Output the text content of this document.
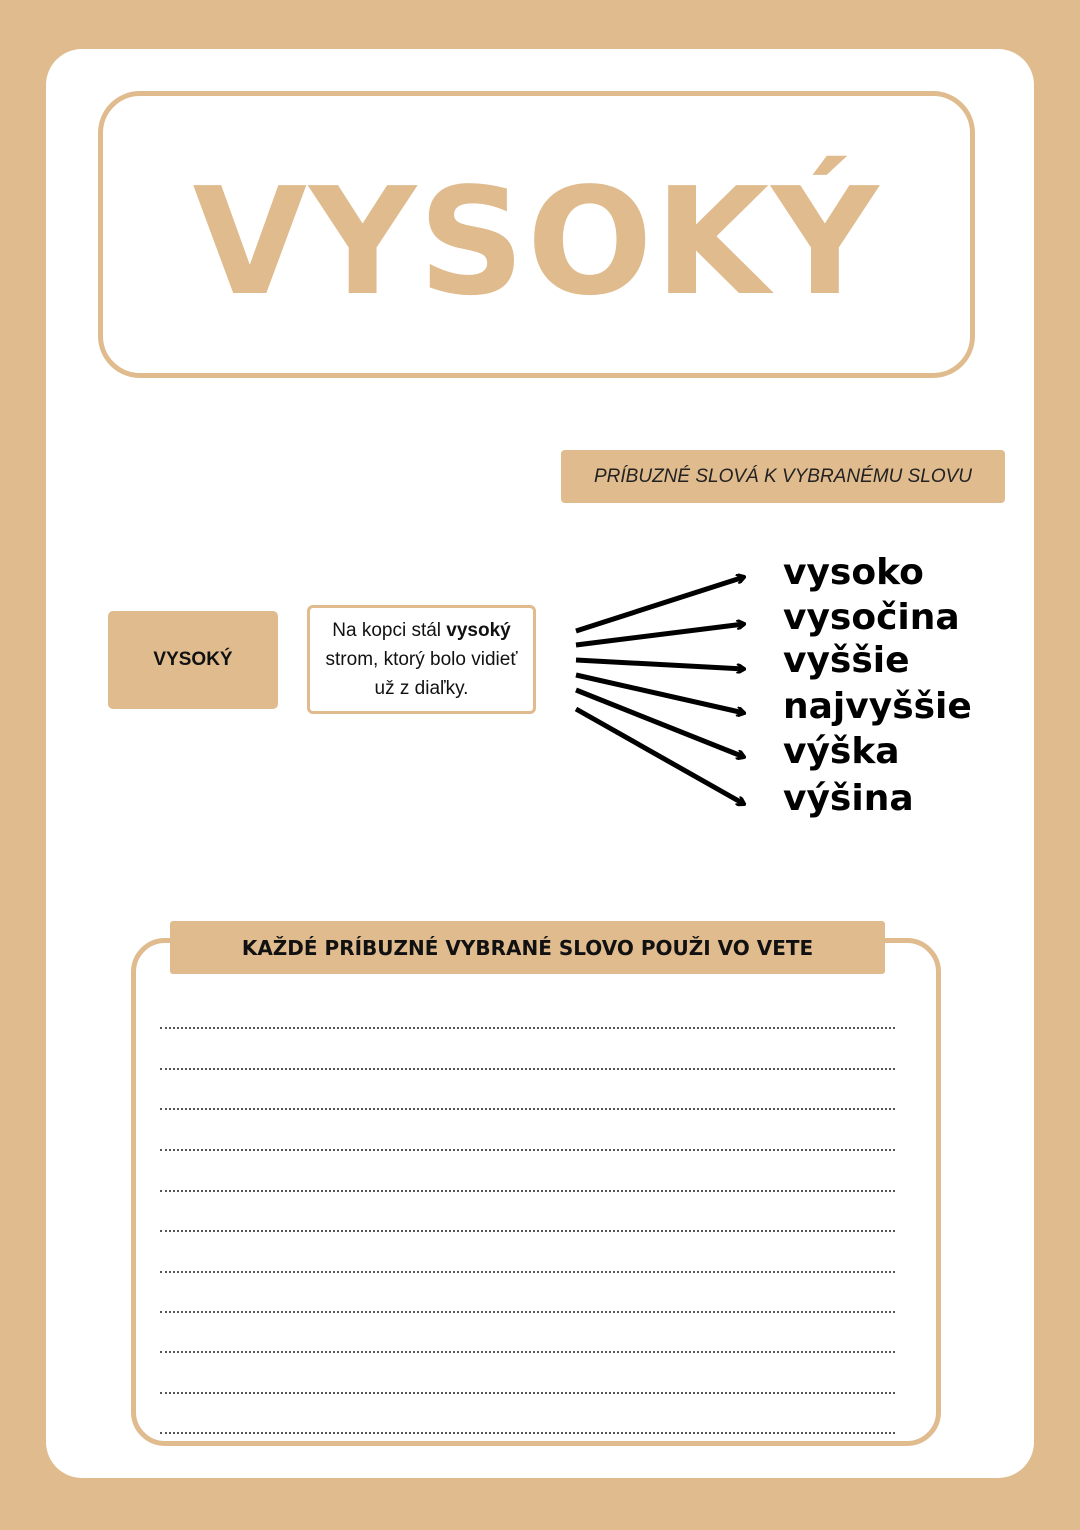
VYSOKÝ
PRÍBUZNÉ SLOVÁ K VYBRANÉMU SLOVU
VYSOKÝ
Na kopci stál vysoký strom, ktorý bolo vidieť už z diaľky.
vysoko
vysočina
vyššie
najvyššie
výška
výšina
KAŽDÉ PRÍBUZNÉ VYBRANÉ SLOVO POUŽI VO VETE
